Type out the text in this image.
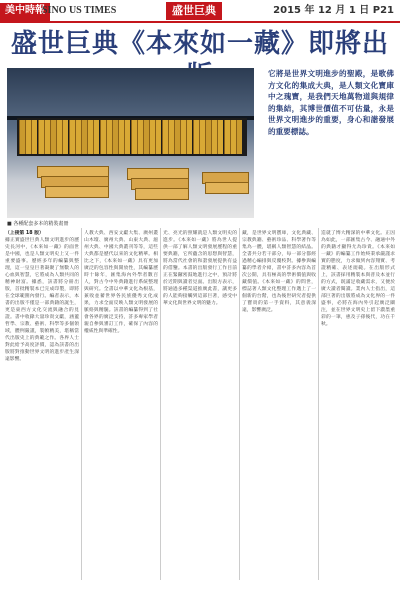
美中時報
SINO US TIMES	盛世巨典	2015 年 12 月 1 日 P21
盛世巨典《本來如一藏》即將出
■ 各種配套多本的精裝畫冊
它將是世界文明進步的聖殿，是歌佛方文化的集成大典，是人類文化寶庫中之瑰寶，是我們天地萬物道與規律的集結，其博世價值不可估量，永是世界文明進步的重要，身心和諧發展的重要標誌。
（上接第 18 版）
據正實盛世巨典人類文明進步的歷史長河中，《本來如一藏》的面世是中國，也是人類文明史上又一件重要盛事。歷經多年的編纂與整理，這一皇皇巨著凝聚了無數人的心血與智慧，它將成為人類共同的精神財富。據悉，該書將分冊出版，首批精裝本已完成印製，即將在全球範圍內發行。編者表示，本書的出版不僅是一部典籍的誕生，更是東西方文化交流與融合的見證。書中收錄大量珍貴文獻，涵蓋哲學、宗教、藝術、科學等多個領域，體例嚴謹，裝幀精美，堪稱當代出版史上的典範之作。各界人士對此給予高度評價，認為該書的出版將對推動世界文明的進步產生深遠影響。
人教大典、西安文獻大集、廣州叢山木壇、廣州大典、山東大典、滬州大典、中國大典叢刊等等，這些大典都是歷代以來的文化精華。相比之下，《本來如一藏》具有更加廣泛的包容性與開放性，其編纂歷時十餘年，匯集海內外學者數百人，對古今中外典籍進行系統整理與研究。全書以中華文化為根基，兼收並蓄世界各民族優秀文化成果，力求全面反映人類文明發展的脈絡與精髓。該書的編纂得到了社會各界的廣泛支持，許多專家學者親自參與審訂工作，確保了內容的權威性與準確性。
光、亮光的照耀就是人類文明史的進步。《本來如一藏》將為世人提供一部了解人類文明發展歷程的重要典籍，它所蘊含的思想與智慧，將為當代社會的和諧發展提供有益的借鑒。本書的出版發行工作目前正在緊鑼密鼓地進行之中，預計將於近期與讀者見面。出版方表示，將通過多種渠道推廣此書，讓更多的人能夠接觸到這部巨著，感受中華文化與世界文明的魅力。
藏，是世界文明寶庫，文化典藏、宗教典籍、藝術珍品、科學著作等集為一體，堪稱人類智慧的結晶。全書共分若干部分，每一部分都經過精心編排與反覆校對。據參與編纂的學者介紹，書中許多內容為首次公開，具有極高的學術價值與收藏價值。《本來如一藏》的問世，標誌著人類文化整理工作邁上了一個新的台階，也為後世研究者提供了寶貴的第一手資料，其意義深遠，影響廣泛。
造就了博大精深的中華文化。正因為如此，一部匯集古今、融通中外的典籍才顯得尤為珍貴。《本來如一藏》的編纂工作始終秉承嚴謹求實的態度，力求做到內容翔實、考證精確、表述規範。在出版形式上，該書採用精裝本與普及本並行的方式，既滿足收藏需求，又便於廣大讀者閱讀。業內人士指出，這部巨著的出版將成為文化界的一件盛事，必將在海內外引起廣泛關注，並在世界文明史上留下濃墨重彩的一筆，惠及子孫後代，功在千秋。
